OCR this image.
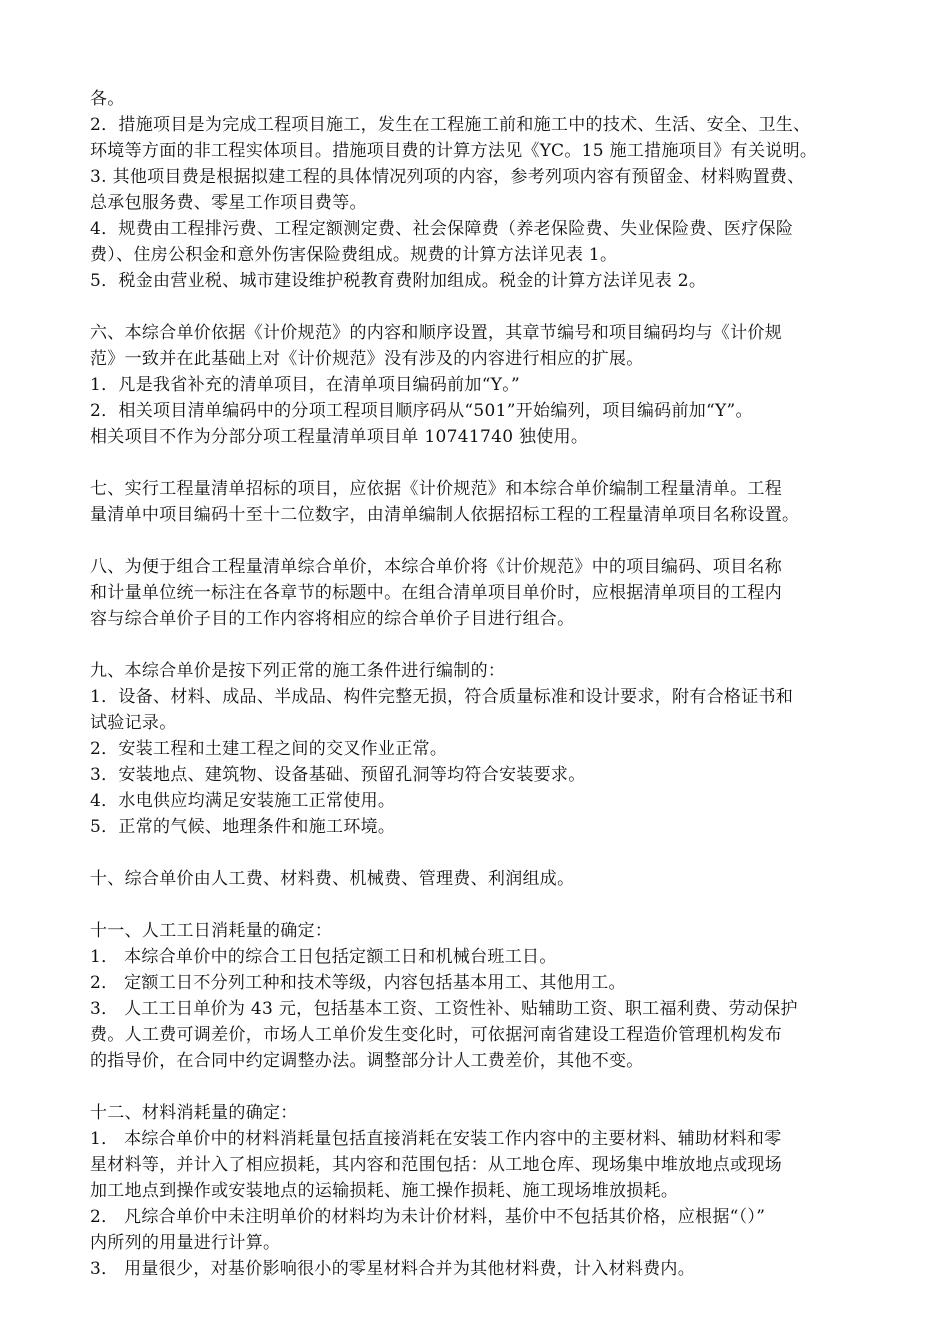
各。
2．措施项目是为完成工程项目施工，发生在工程施工前和施工中的技术、生活、安全、卫生、
环境等方面的非工程实体项目。措施项目费的计算方法见《YC。15 施工措施项目》有关说明。
3. 其他项目费是根据拟建工程的具体情况列项的内容，参考列项内容有预留金、材料购置费、
总承包服务费、零星工作项目费等。
4．规费由工程排污费、工程定额测定费、社会保障费（养老保险费、失业保险费、医疗保险
费）、住房公积金和意外伤害保险费组成。规费的计算方法详见表 1。
5．税金由营业税、城市建设维护税教育费附加组成。税金的计算方法详见表 2。
六、本综合单价依据《计价规范》的内容和顺序设置，其章节编号和项目编码均与《计价规
范》一致并在此基础上对《计价规范》没有涉及的内容进行相应的扩展。
1．凡是我省补充的清单项目，在清单项目编码前加“Y。”
2．相关项目清单编码中的分项工程项目顺序码从“501”开始编列，项目编码前加“Y”。
相关项目不作为分部分项工程量清单项目单 10741740 独使用。
七、实行工程量清单招标的项目，应依据《计价规范》和本综合单价编制工程量清单。工程
量清单中项目编码十至十二位数字，由清单编制人依据招标工程的工程量清单项目名称设置。
八、为便于组合工程量清单综合单价，本综合单价将《计价规范》中的项目编码、项目名称
和计量单位统一标注在各章节的标题中。在组合清单项目单价时，应根据清单项目的工程内
容与综合单价子目的工作内容将相应的综合单价子目进行组合。
九、本综合单价是按下列正常的施工条件进行编制的：
1．设备、材料、成品、半成品、构件完整无损，符合质量标准和设计要求，附有合格证书和
试验记录。
2．安装工程和土建工程之间的交叉作业正常。
3．安装地点、建筑物、设备基础、预留孔洞等均符合安装要求。
4．水电供应均满足安装施工正常使用。
5．正常的气候、地理条件和施工环境。
十、综合单价由人工费、材料费、机械费、管理费、利润组成。
十一、人工工日消耗量的确定：
1． 本综合单价中的综合工日包括定额工日和机械台班工日。
2． 定额工日不分列工种和技术等级，内容包括基本用工、其他用工。
3． 人工工日单价为 43 元，包括基本工资、工资性补、贴辅助工资、职工福利费、劳动保护
费。人工费可调差价，市场人工单价发生变化时，可依据河南省建设工程造价管理机构发布
的指导价，在合同中约定调整办法。调整部分计人工费差价，其他不变。
十二、材料消耗量的确定：
1． 本综合单价中的材料消耗量包括直接消耗在安装工作内容中的主要材料、辅助材料和零
星材料等，并计入了相应损耗，其内容和范围包括：从工地仓库、现场集中堆放地点或现场
加工地点到操作或安装地点的运输损耗、施工操作损耗、施工现场堆放损耗。
2． 凡综合单价中未注明单价的材料均为未计价材料，基价中不包括其价格，应根据“（）”
内所列的用量进行计算。
3． 用量很少，对基价影响很小的零星材料合并为其他材料费，计入材料费内。
